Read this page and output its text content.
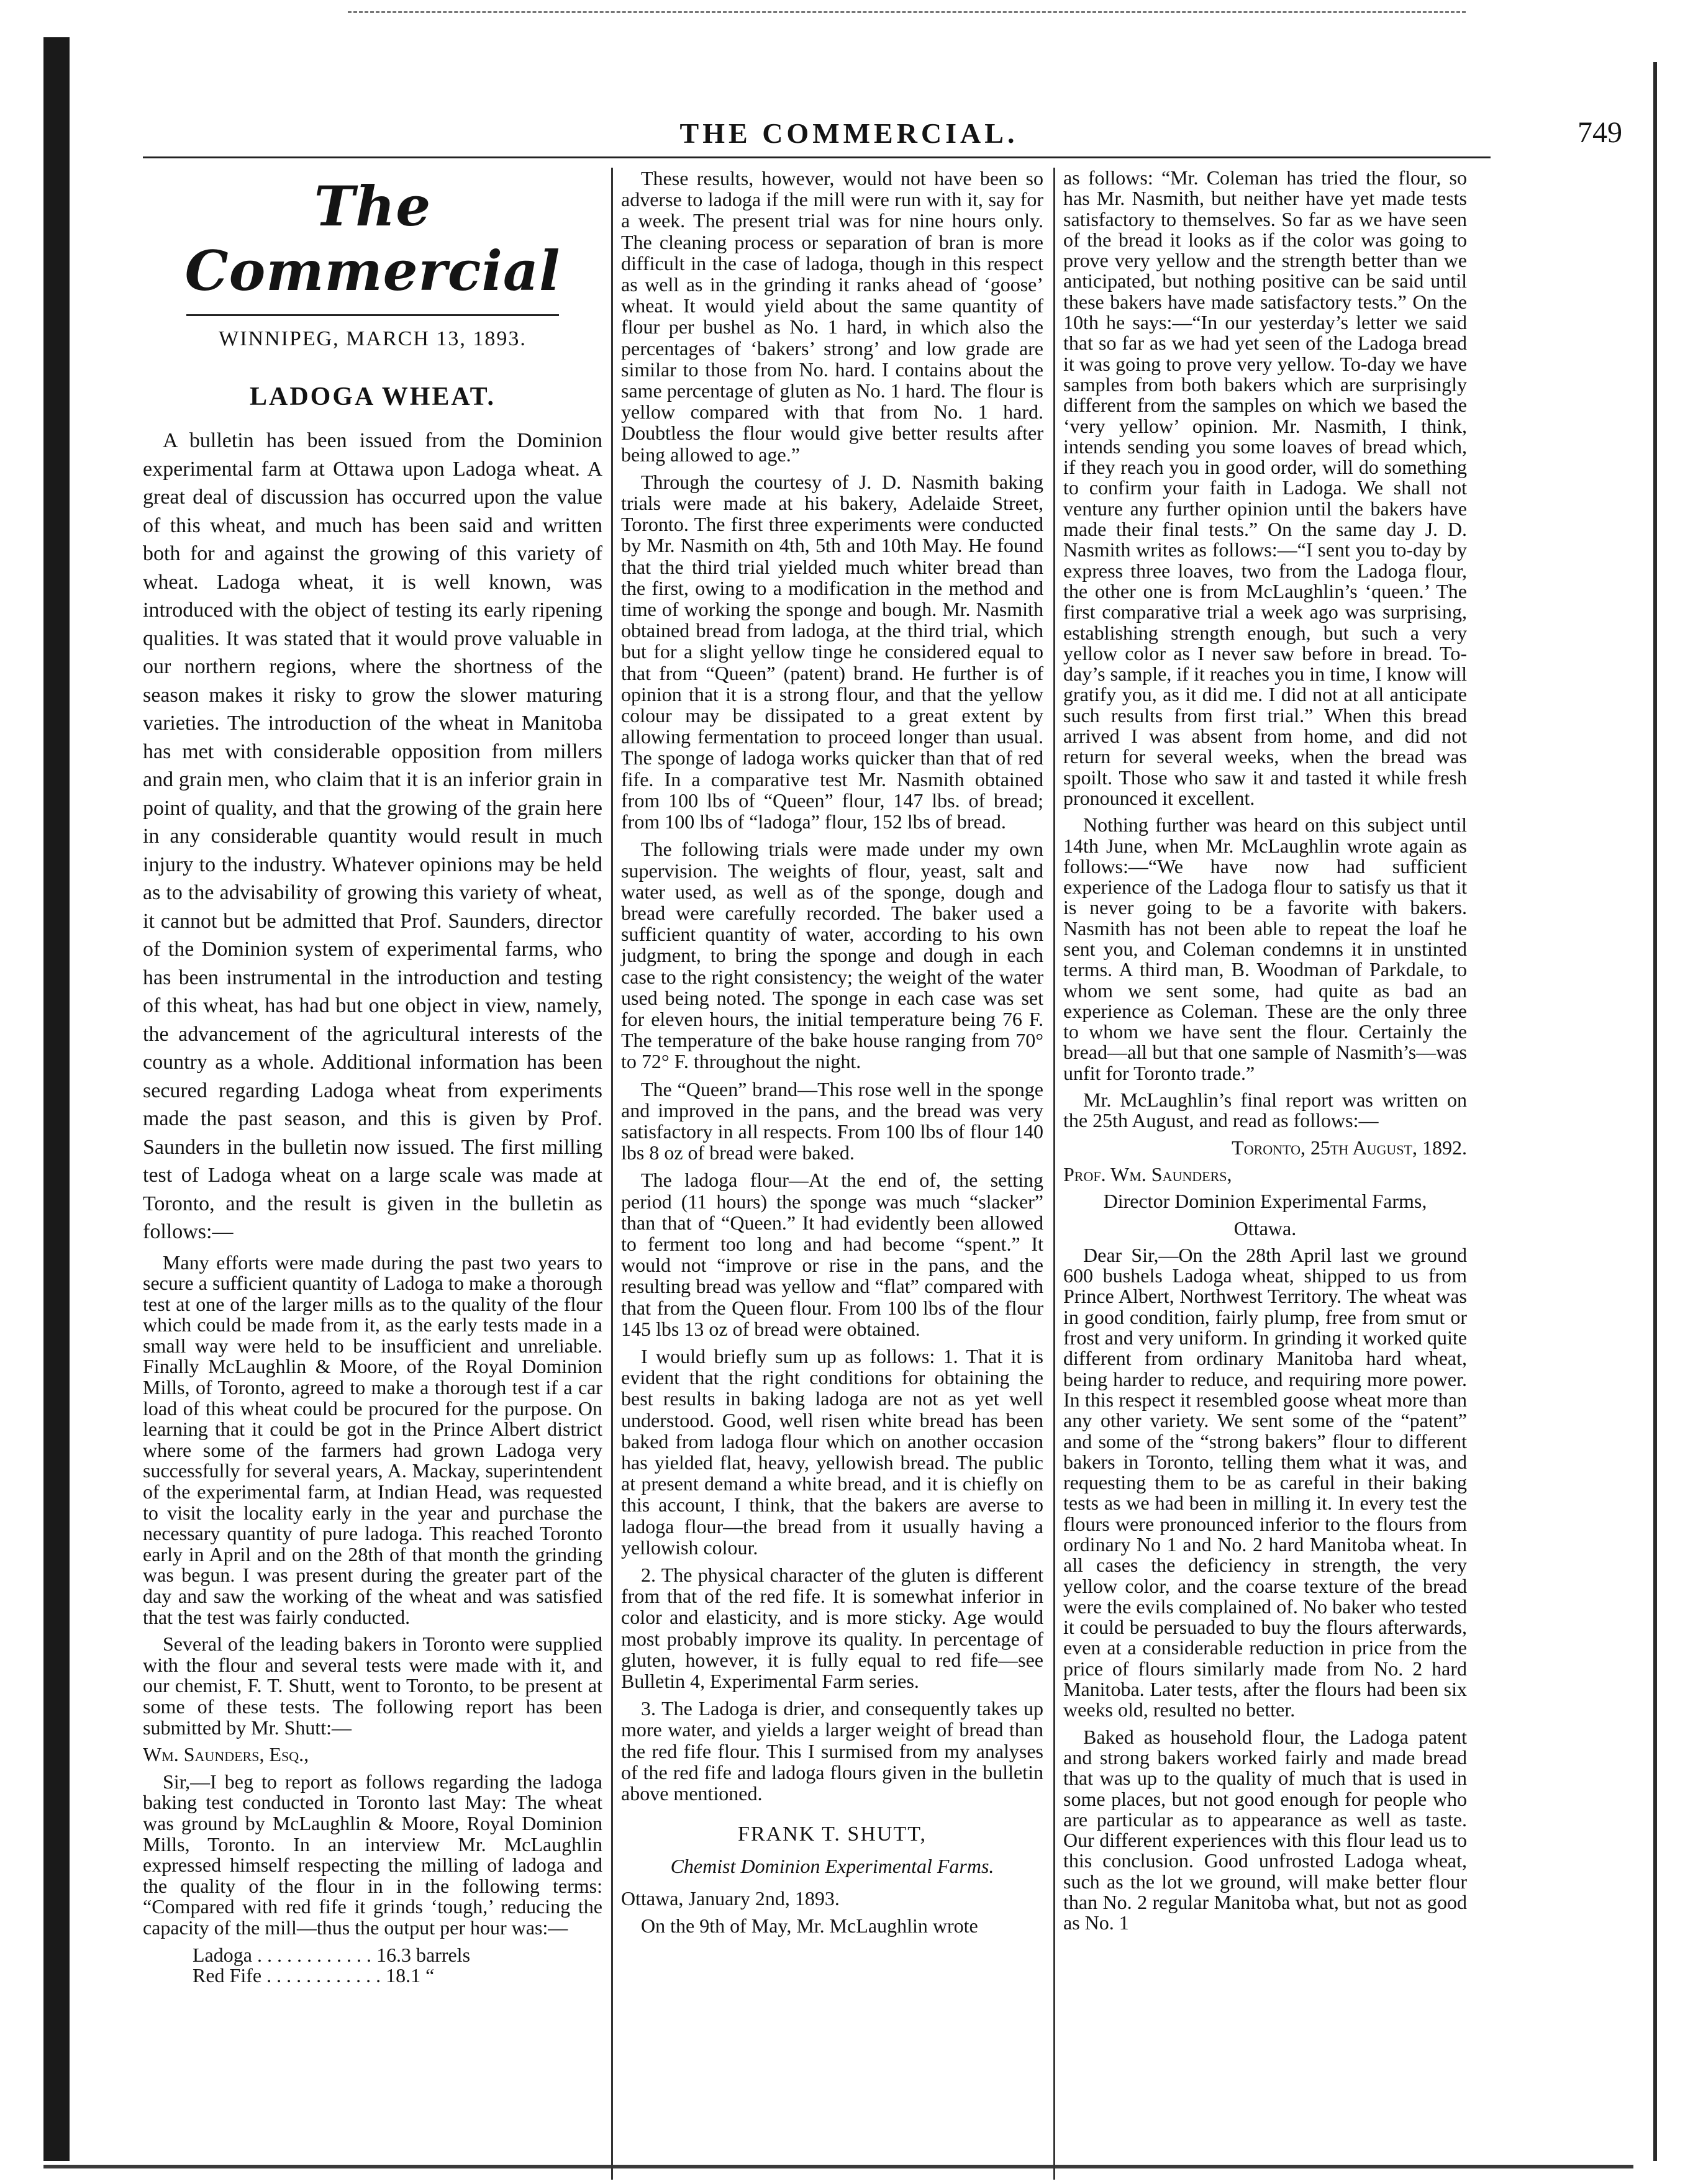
THE COMMERCIAL.	749
The Commercial
WINNIPEG, MARCH 13, 1893.
LADOGA WHEAT.

A bulletin has been issued from the Dominion experimental farm at Ottawa upon Ladoga wheat. A great deal of discussion has occurred upon the value of this wheat, and much has been said and written both for and against the growing of this variety of wheat. Ladoga wheat, it is well known, was introduced with the object of testing its early ripening qualities. It was stated that it would prove valuable in our northern regions, where the shortness of the season makes it risky to grow the slower maturing varieties. The introduction of the wheat in Manitoba has met with considerable opposition from millers and grain men, who claim that it is an inferior grain in point of quality, and that the growing of the grain here in any considerable quantity would result in much injury to the industry. Whatever opinions may be held as to the advisability of growing this variety of wheat, it cannot but be admitted that Prof. Saunders, director of the Dominion system of experimental farms, who has been instrumental in the introduction and testing of this wheat, has had but one object in view, namely, the advancement of the agricultural interests of the country as a whole. Additional information has been secured regarding Ladoga wheat from experiments made the past season, and this is given by Prof. Saunders in the bulletin now issued. The first milling test of Ladoga wheat on a large scale was made at Toronto, and the result is given in the bulletin as follows:—

Many efforts were made during the past two years to secure a sufficient quantity of Ladoga to make a thorough test at one of the larger mills as to the quality of the flour which could be made from it, as the early tests made in a small way were held to be insufficient and unreliable. Finally McLaughlin & Moore, of the Royal Dominion Mills, of Toronto, agreed to make a thorough test if a car load of this wheat could be procured for the purpose. On learning that it could be got in the Prince Albert district where some of the farmers had grown Ladoga very successfully for several years, A. Mackay, superintendent of the experimental farm, at Indian Head, was requested to visit the locality early in the year and purchase the necessary quantity of pure ladoga. This reached Toronto early in April and on the 28th of that month the grinding was begun. I was present during the greater part of the day and saw the working of the wheat and was satisfied that the test was fairly conducted.

Several of the leading bakers in Toronto were supplied with the flour and several tests were made with it, and our chemist, F. T. Shutt, went to Toronto, to be present at some of these tests. The following report has been submitted by Mr. Shutt:—

Wm. Saunders, Esq.,

Sir,—I beg to report as follows regarding the ladoga baking test conducted in Toronto last May: The wheat was ground by McLaughlin & Moore, Royal Dominion Mills, Toronto. In an interview Mr. McLaughlin expressed himself respecting the milling of ladoga and the quality of the flour in in the following terms: “Compared with red fife it grinds ‘tough,’ reducing the capacity of the mill—thus the output per hour was:—

Ladoga . . . . . . . . . . . . 16.3 barrels
Red Fife . . . . . . . . . . . . 18.1 “

These results, however, would not have been so adverse to ladoga if the mill were run with it, say for a week. The present trial was for nine hours only. The cleaning process or separation of bran is more difficult in the case of ladoga, though in this respect as well as in the grinding it ranks ahead of ‘goose’ wheat. It would yield about the same quantity of flour per bushel as No. 1 hard, in which also the percentages of ‘bakers’ strong’ and low grade are similar to those from No. hard. I contains about the same percentage of gluten as No. 1 hard. The flour is yellow compared with that from No. 1 hard. Doubtless the flour would give better results after being allowed to age.”

Through the courtesy of J. D. Nasmith baking trials were made at his bakery, Adelaide Street, Toronto. The first three experiments were conducted by Mr. Nasmith on 4th, 5th and 10th May. He found that the third trial yielded much whiter bread than the first, owing to a modification in the method and time of working the sponge and bough. Mr. Nasmith obtained bread from ladoga, at the third trial, which but for a slight yellow tinge he considered equal to that from “Queen” (patent) brand. He further is of opinion that it is a strong flour, and that the yellow colour may be dissipated to a great extent by allowing fermentation to proceed longer than usual. The sponge of ladoga works quicker than that of red fife. In a comparative test Mr. Nasmith obtained from 100 lbs of “Queen” flour, 147 lbs. of bread; from 100 lbs of “ladoga” flour, 152 lbs of bread.

The following trials were made under my own supervision. The weights of flour, yeast, salt and water used, as well as of the sponge, dough and bread were carefully recorded. The baker used a sufficient quantity of water, according to his own judgment, to bring the sponge and dough in each case to the right consistency; the weight of the water used being noted. The sponge in each case was set for eleven hours, the initial temperature being 76 F. The temperature of the bake house ranging from 70° to 72° F. throughout the night.

The “Queen” brand—This rose well in the sponge and improved in the pans, and the bread was very satisfactory in all respects. From 100 lbs of flour 140 lbs 8 oz of bread were baked.

The ladoga flour—At the end of, the setting period (11 hours) the sponge was much “slacker” than that of “Queen.” It had evidently been allowed to ferment too long and had become “spent.” It would not “improve or rise in the pans, and the resulting bread was yellow and “flat” compared with that from the Queen flour. From 100 lbs of the flour 145 lbs 13 oz of bread were obtained.

I would briefly sum up as follows: 1. That it is evident that the right conditions for obtaining the best results in baking ladoga are not as yet well understood. Good, well risen white bread has been baked from ladoga flour which on another occasion has yielded flat, heavy, yellowish bread. The public at present demand a white bread, and it is chiefly on this account, I think, that the bakers are averse to ladoga flour—the bread from it usually having a yellowish colour.

2. The physical character of the gluten is different from that of the red fife. It is somewhat inferior in color and elasticity, and is more sticky. Age would most probably improve its quality. In percentage of gluten, however, it is fully equal to red fife—see Bulletin 4, Experimental Farm series.

3. The Ladoga is drier, and consequently takes up more water, and yields a larger weight of bread than the red fife flour. This I surmised from my analyses of the red fife and ladoga flours given in the bulletin above mentioned.

FRANK T. SHUTT,
Chemist Dominion Experimental Farms.

Ottawa, January 2nd, 1893.

On the 9th of May, Mr. McLaughlin wrote

as follows: “Mr. Coleman has tried the flour, so has Mr. Nasmith, but neither have yet made tests satisfactory to themselves. So far as we have seen of the bread it looks as if the color was going to prove very yellow and the strength better than we anticipated, but nothing positive can be said until these bakers have made satisfactory tests.” On the 10th he says:—“In our yesterday’s letter we said that so far as we had yet seen of the Ladoga bread it was going to prove very yellow. To-day we have samples from both bakers which are surprisingly different from the samples on which we based the ‘very yellow’ opinion. Mr. Nasmith, I think, intends sending you some loaves of bread which, if they reach you in good order, will do something to confirm your faith in Ladoga. We shall not venture any further opinion until the bakers have made their final tests.” On the same day J. D. Nasmith writes as follows:—“I sent you to-day by express three loaves, two from the Ladoga flour, the other one is from McLaughlin’s ‘queen.’ The first comparative trial a week ago was surprising, establishing strength enough, but such a very yellow color as I never saw before in bread. To-day’s sample, if it reaches you in time, I know will gratify you, as it did me. I did not at all anticipate such results from first trial.” When this bread arrived I was absent from home, and did not return for several weeks, when the bread was spoilt. Those who saw it and tasted it while fresh pronounced it excellent.

Nothing further was heard on this subject until 14th June, when Mr. McLaughlin wrote again as follows:—“We have now had sufficient experience of the Ladoga flour to satisfy us that it is never going to be a favorite with bakers. Nasmith has not been able to repeat the loaf he sent you, and Coleman condemns it in unstinted terms. A third man, B. Woodman of Parkdale, to whom we sent some, had quite as bad an experience as Coleman. These are the only three to whom we have sent the flour. Certainly the bread—all but that one sample of Nasmith’s—was unfit for Toronto trade.”

Mr. McLaughlin’s final report was written on the 25th August, and read as follows:—

Toronto, 25th August, 1892.

Prof. Wm. Saunders,

Director Dominion Experimental Farms,

Ottawa.

Dear Sir,—On the 28th April last we ground 600 bushels Ladoga wheat, shipped to us from Prince Albert, Northwest Territory. The wheat was in good condition, fairly plump, free from smut or frost and very uniform. In grinding it worked quite different from ordinary Manitoba hard wheat, being harder to reduce, and requiring more power. In this respect it resembled goose wheat more than any other variety. We sent some of the “patent” and some of the “strong bakers” flour to different bakers in Toronto, telling them what it was, and requesting them to be as careful in their baking tests as we had been in milling it. In every test the flours were pronounced inferior to the flours from ordinary No 1 and No. 2 hard Manitoba wheat. In all cases the deficiency in strength, the very yellow color, and the coarse texture of the bread were the evils complained of. No baker who tested it could be persuaded to buy the flours afterwards, even at a considerable reduction in price from the price of flours similarly made from No. 2 hard Manitoba. Later tests, after the flours had been six weeks old, resulted no better.

Baked as household flour, the Ladoga patent and strong bakers worked fairly and made bread that was up to the quality of much that is used in some places, but not good enough for people who are particular as to appearance as well as taste. Our different experiences with this flour lead us to this conclusion. Good unfrosted Ladoga wheat, such as the lot we ground, will make better flour than No. 2 regular Manitoba what, but not as good as No. 1
